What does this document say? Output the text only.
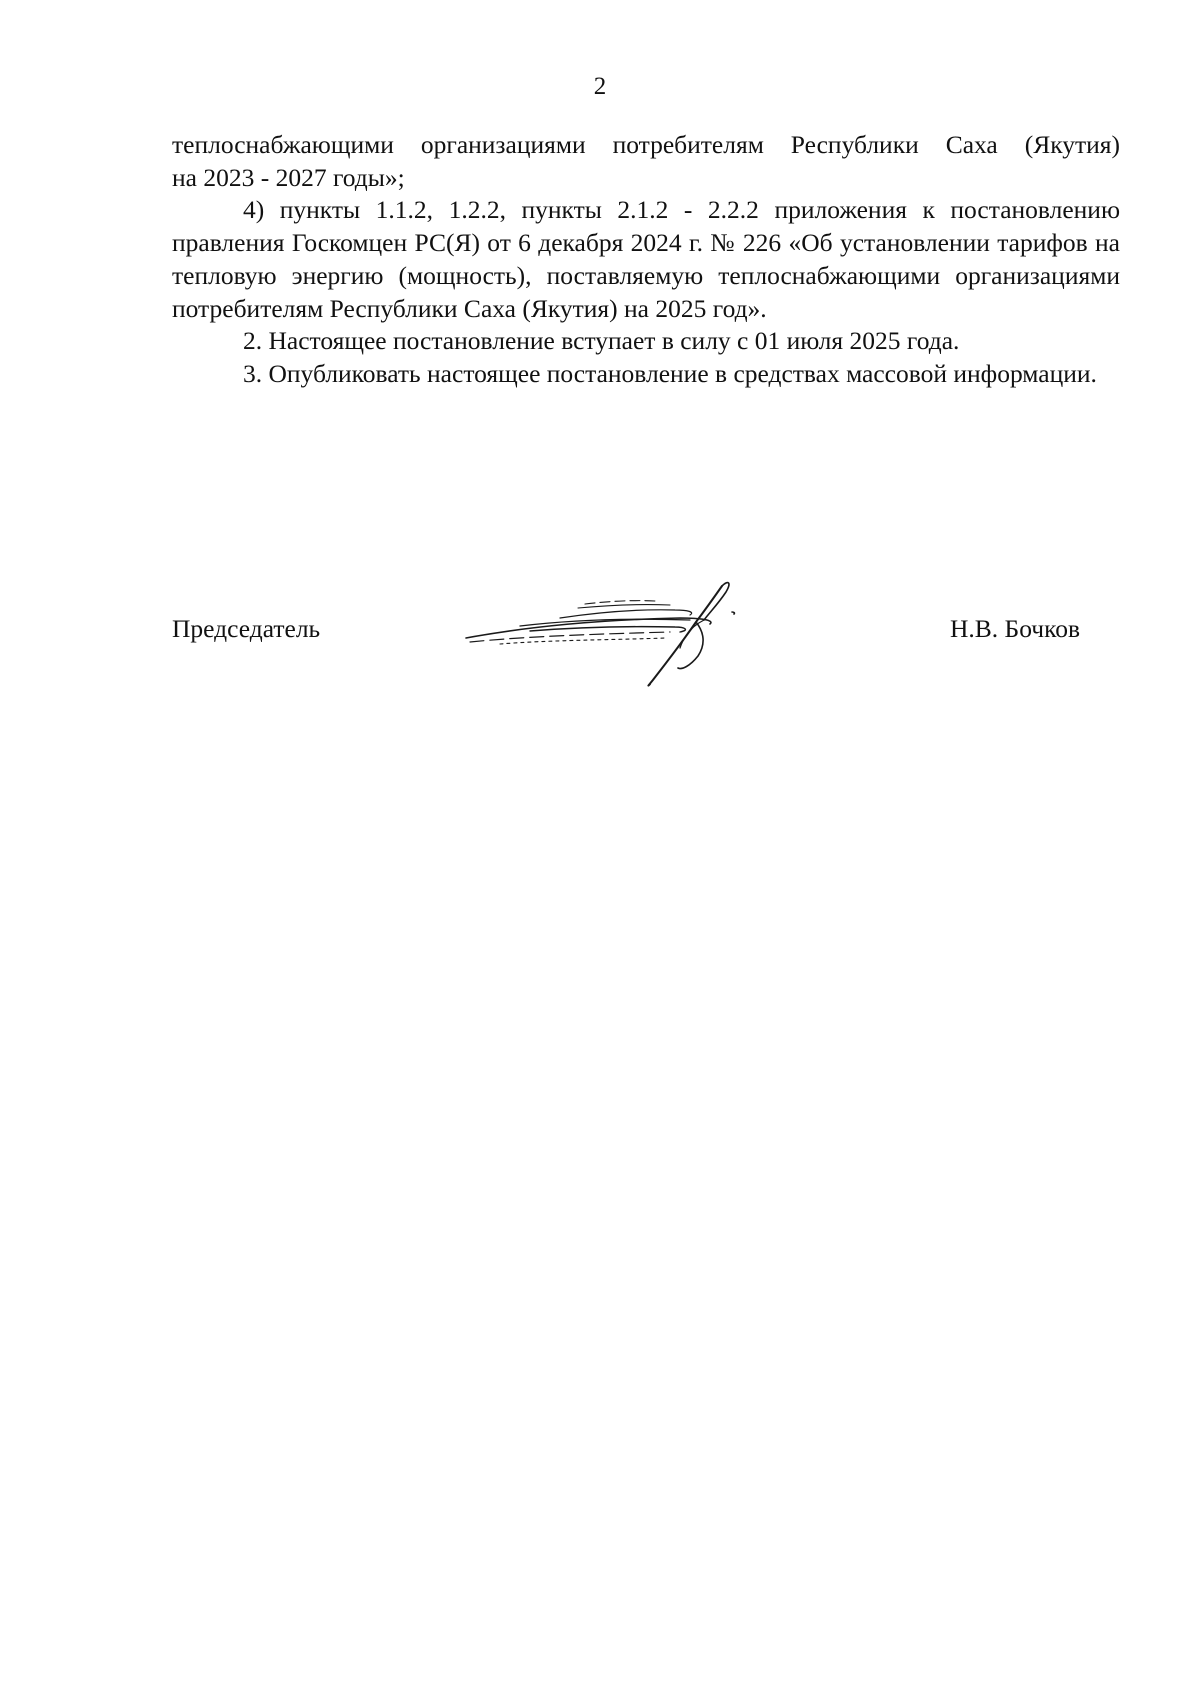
2

теплоснабжающими организациями потребителям Республики Саха (Якутия)

на 2023 - 2027 годы»;

4) пункты 1.1.2, 1.2.2, пункты 2.1.2 - 2.2.2 приложения к постановлению правления Госкомцен РС(Я) от 6 декабря 2024 г. № 226 «Об установлении тарифов на тепловую энергию (мощность), поставляемую теплоснабжающими организациями потребителям Республики Саха (Якутия) на 2025 год».

2. Настоящее постановление вступает в силу с 01 июля 2025 года.

3. Опубликовать настоящее постановление в средствах массовой информации.

Председатель	Н.В. Бочков
